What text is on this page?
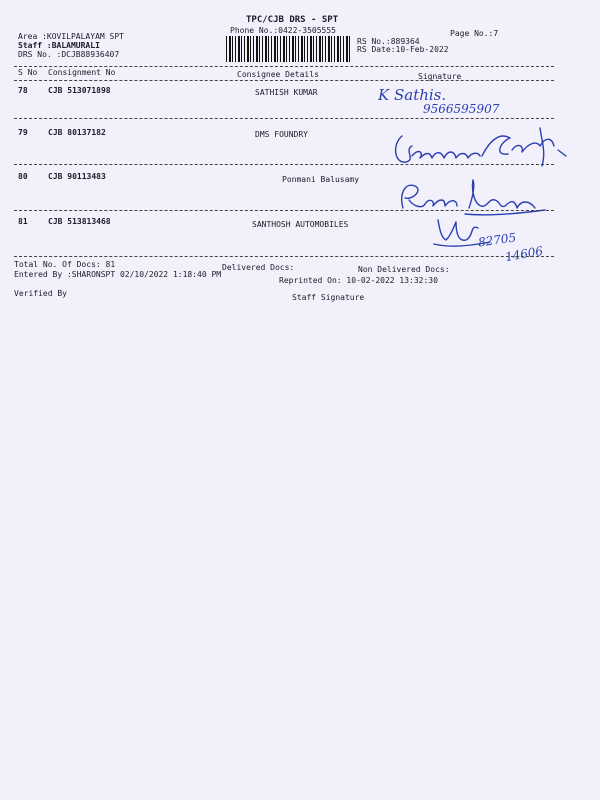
TPC/CJB DRS - SPT
Phone No.:0422-3505555
Area :KOVILPALAYAM SPT
Staff :BALAMURALI
DRS No. :DCJB88936407
Page No.:7
RS No.:889364
RS Date:10-Feb-2022
S No Consignment No	Consignee Details	Signature
78	CJB 513071898	SATHISH KUMAR	K Sathis.
9566595907
79	CJB 80137182	DMS FOUNDRY
80	CJB 90113483	Ponmani Balusamy
81	CJB 513813468	SANTHOSH AUTOMOBILES
82705
14606
Total No. Of Docs: 81	Delivered Docs:	Non Delivered Docs:
Entered By :SHARONSPT 02/10/2022 1:18:40 PM
Reprinted On: 10-02-2022 13:32:30
Verified By	Staff Signature
